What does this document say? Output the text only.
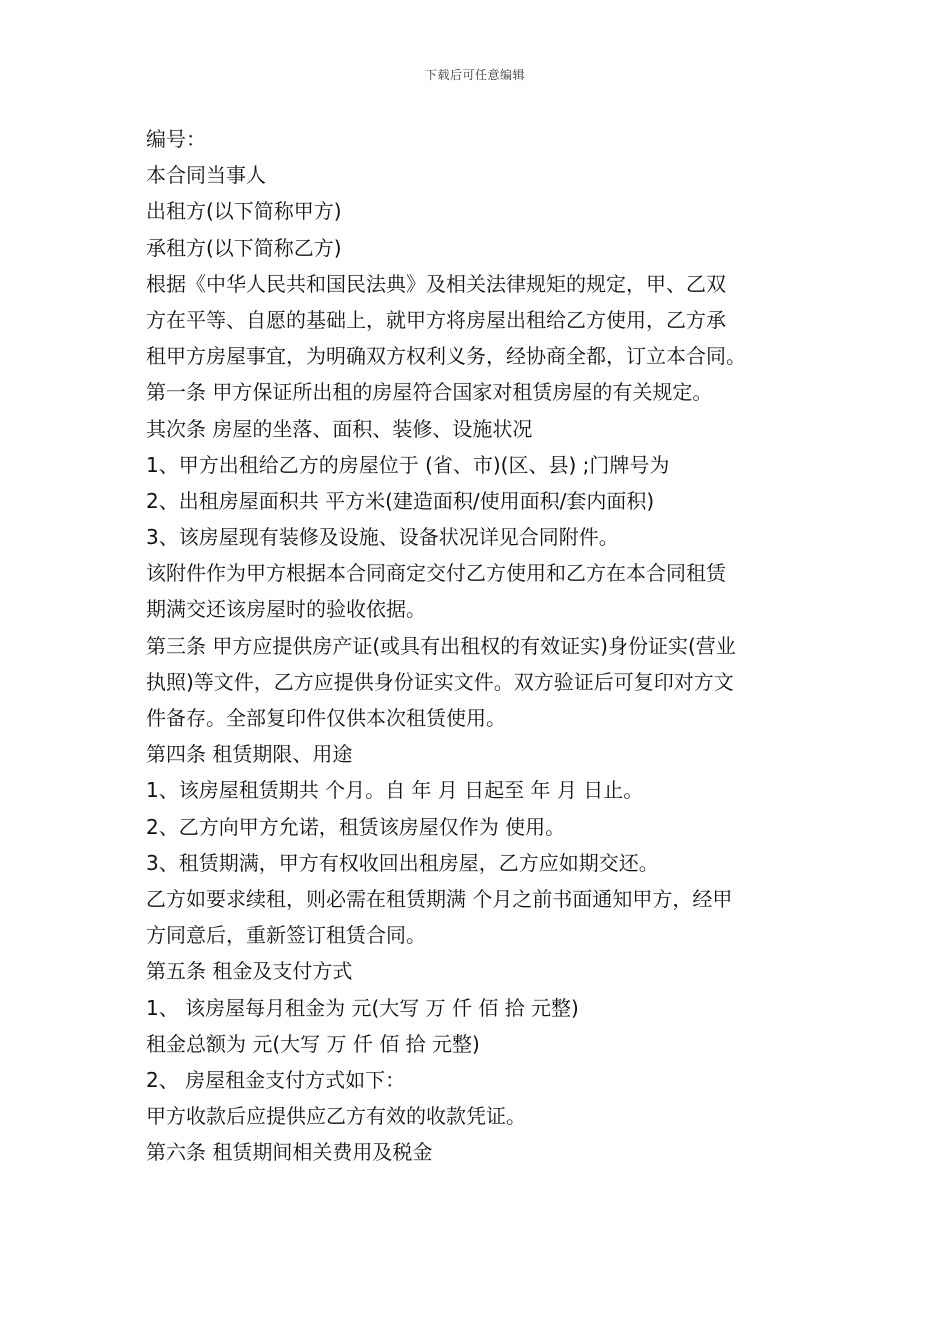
下载后可任意编辑
编号：
本合同当事人
出租方(以下简称甲方)
承租方(以下简称乙方)
根据《中华人民共和国民法典》及相关法律规矩的规定，甲、乙双
方在平等、自愿的基础上，就甲方将房屋出租给乙方使用，乙方承
租甲方房屋事宜，为明确双方权利义务，经协商全都，订立本合同。
第一条 甲方保证所出租的房屋符合国家对租赁房屋的有关规定。
其次条 房屋的坐落、面积、装修、设施状况
1、甲方出租给乙方的房屋位于 (省、市)(区、县) ;门牌号为
2、出租房屋面积共 平方米(建造面积/使用面积/套内面积)
3、该房屋现有装修及设施、设备状况详见合同附件。
该附件作为甲方根据本合同商定交付乙方使用和乙方在本合同租赁
期满交还该房屋时的验收依据。
第三条 甲方应提供房产证(或具有出租权的有效证实)身份证实(营业
执照)等文件，乙方应提供身份证实文件。双方验证后可复印对方文
件备存。全部复印件仅供本次租赁使用。
第四条 租赁期限、用途
1、该房屋租赁期共 个月。自 年 月 日起至 年 月 日止。
2、乙方向甲方允诺，租赁该房屋仅作为 使用。
3、租赁期满，甲方有权收回出租房屋，乙方应如期交还。
乙方如要求续租，则必需在租赁期满 个月之前书面通知甲方，经甲
方同意后，重新签订租赁合同。
第五条 租金及支付方式
1、 该房屋每月租金为 元(大写 万 仟 佰 拾 元整)
租金总额为 元(大写 万 仟 佰 拾 元整)
2、 房屋租金支付方式如下：
甲方收款后应提供应乙方有效的收款凭证。
第六条 租赁期间相关费用及税金
